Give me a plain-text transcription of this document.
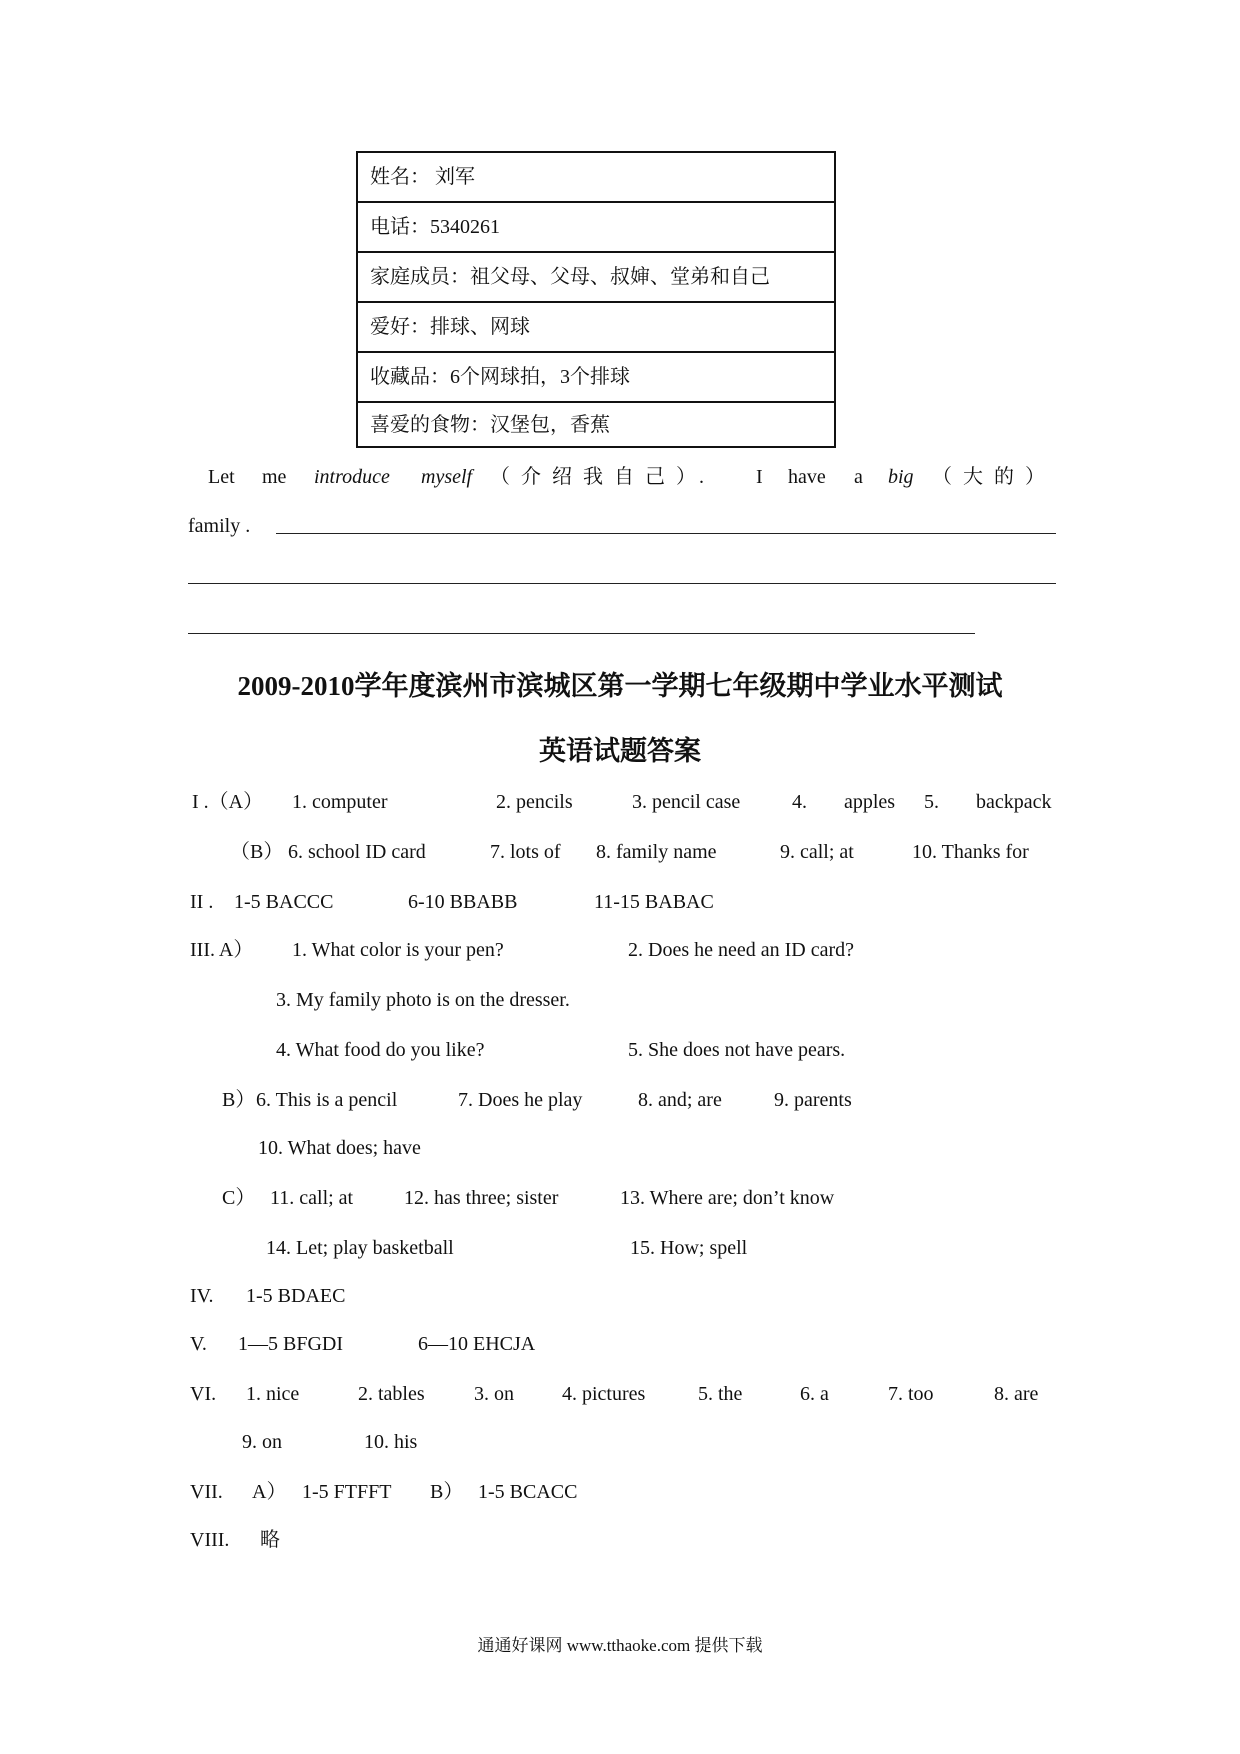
姓名： 刘军
电话：5340261
家庭成员：祖父母、父母、叔婶、堂弟和自己
爱好：排球、网球
收藏品：6个网球拍，3个排球
喜爱的食物：汉堡包，香蕉
Let me introduce myself （ 介 绍 我 自 己 ）. I have a big （ 大 的 ）
family .
2009-2010学年度滨州市滨城区第一学期七年级期中学业水平测试
英语试题答案
I .（A） 1. computer	2. pencils	3. pencil case	4. apples 5. backpack
（B） 6. school ID card	7. lots of 8. family name	9. call; at	10. Thanks for
II . 1-5 BACCC	6-10 BBABB	11-15 BABAC
III. A） 1. What color is your pen?	2. Does he need an ID card?
3. My family photo is on the dresser.
4. What food do you like?	5. She does not have pears.
B） 6. This is a pencil	7. Does he play	8. and; are	9. parents
10. What does; have
C） 11. call; at	12. has three; sister	13. Where are; don’t know
14. Let; play basketball	15. How; spell
IV. 1-5 BDAEC
V. 1—5 BFGDI	6—10 EHCJA
VI. 1. nice	2. tables 3. on 4. pictures	5. the	6. a	7. too	8. are
9. on	10. his
VII. A） 1-5 FTFFT B） 1-5 BCACC
VIII. 略
通通好课网 www.tthaoke.com 提供下载
